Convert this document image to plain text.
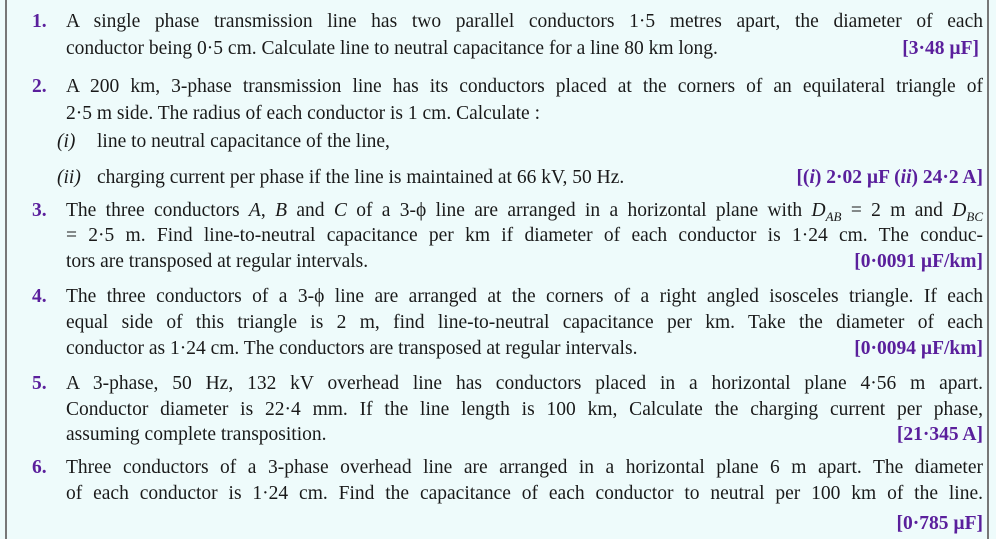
1. A single phase transmission line has two parallel conductors 1·5 metres apart, the diameter of each
conductor being 0·5 cm. Calculate line to neutral capacitance for a line 80 km long.	[3·48 µF]
2. A 200 km, 3-phase transmission line has its conductors placed at the corners of an equilateral triangle of
2·5 m side. The radius of each conductor is 1 cm. Calculate :
(i) line to neutral capacitance of the line,
(ii) charging current per phase if the line is maintained at 66 kV, 50 Hz.	[(i) 2·02 µF (ii) 24·2 A]
3. The three conductors A, B and C of a 3-ϕ line are arranged in a horizontal plane with $D_{AB} = 2$ m and $D_{BC}$
= 2·5 m. Find line-to-neutral capacitance per km if diameter of each conductor is 1·24 cm. The conduc-
tors are transposed at regular intervals.	[0·0091 µF/km]
4. The three conductors of a 3-ϕ line are arranged at the corners of a right angled isosceles triangle. If each
equal side of this triangle is 2 m, find line-to-neutral capacitance per km. Take the diameter of each
conductor as 1·24 cm. The conductors are transposed at regular intervals.	[0·0094 µF/km]
5. A 3-phase, 50 Hz, 132 kV overhead line has conductors placed in a horizontal plane 4·56 m apart.
Conductor diameter is 22·4 mm. If the line length is 100 km, Calculate the charging current per phase,
assuming complete transposition.	[21·345 A]
6. Three conductors of a 3-phase overhead line are arranged in a horizontal plane 6 m apart. The diameter
of each conductor is 1·24 cm. Find the capacitance of each conductor to neutral per 100 km of the line.
[0·785 µF]
